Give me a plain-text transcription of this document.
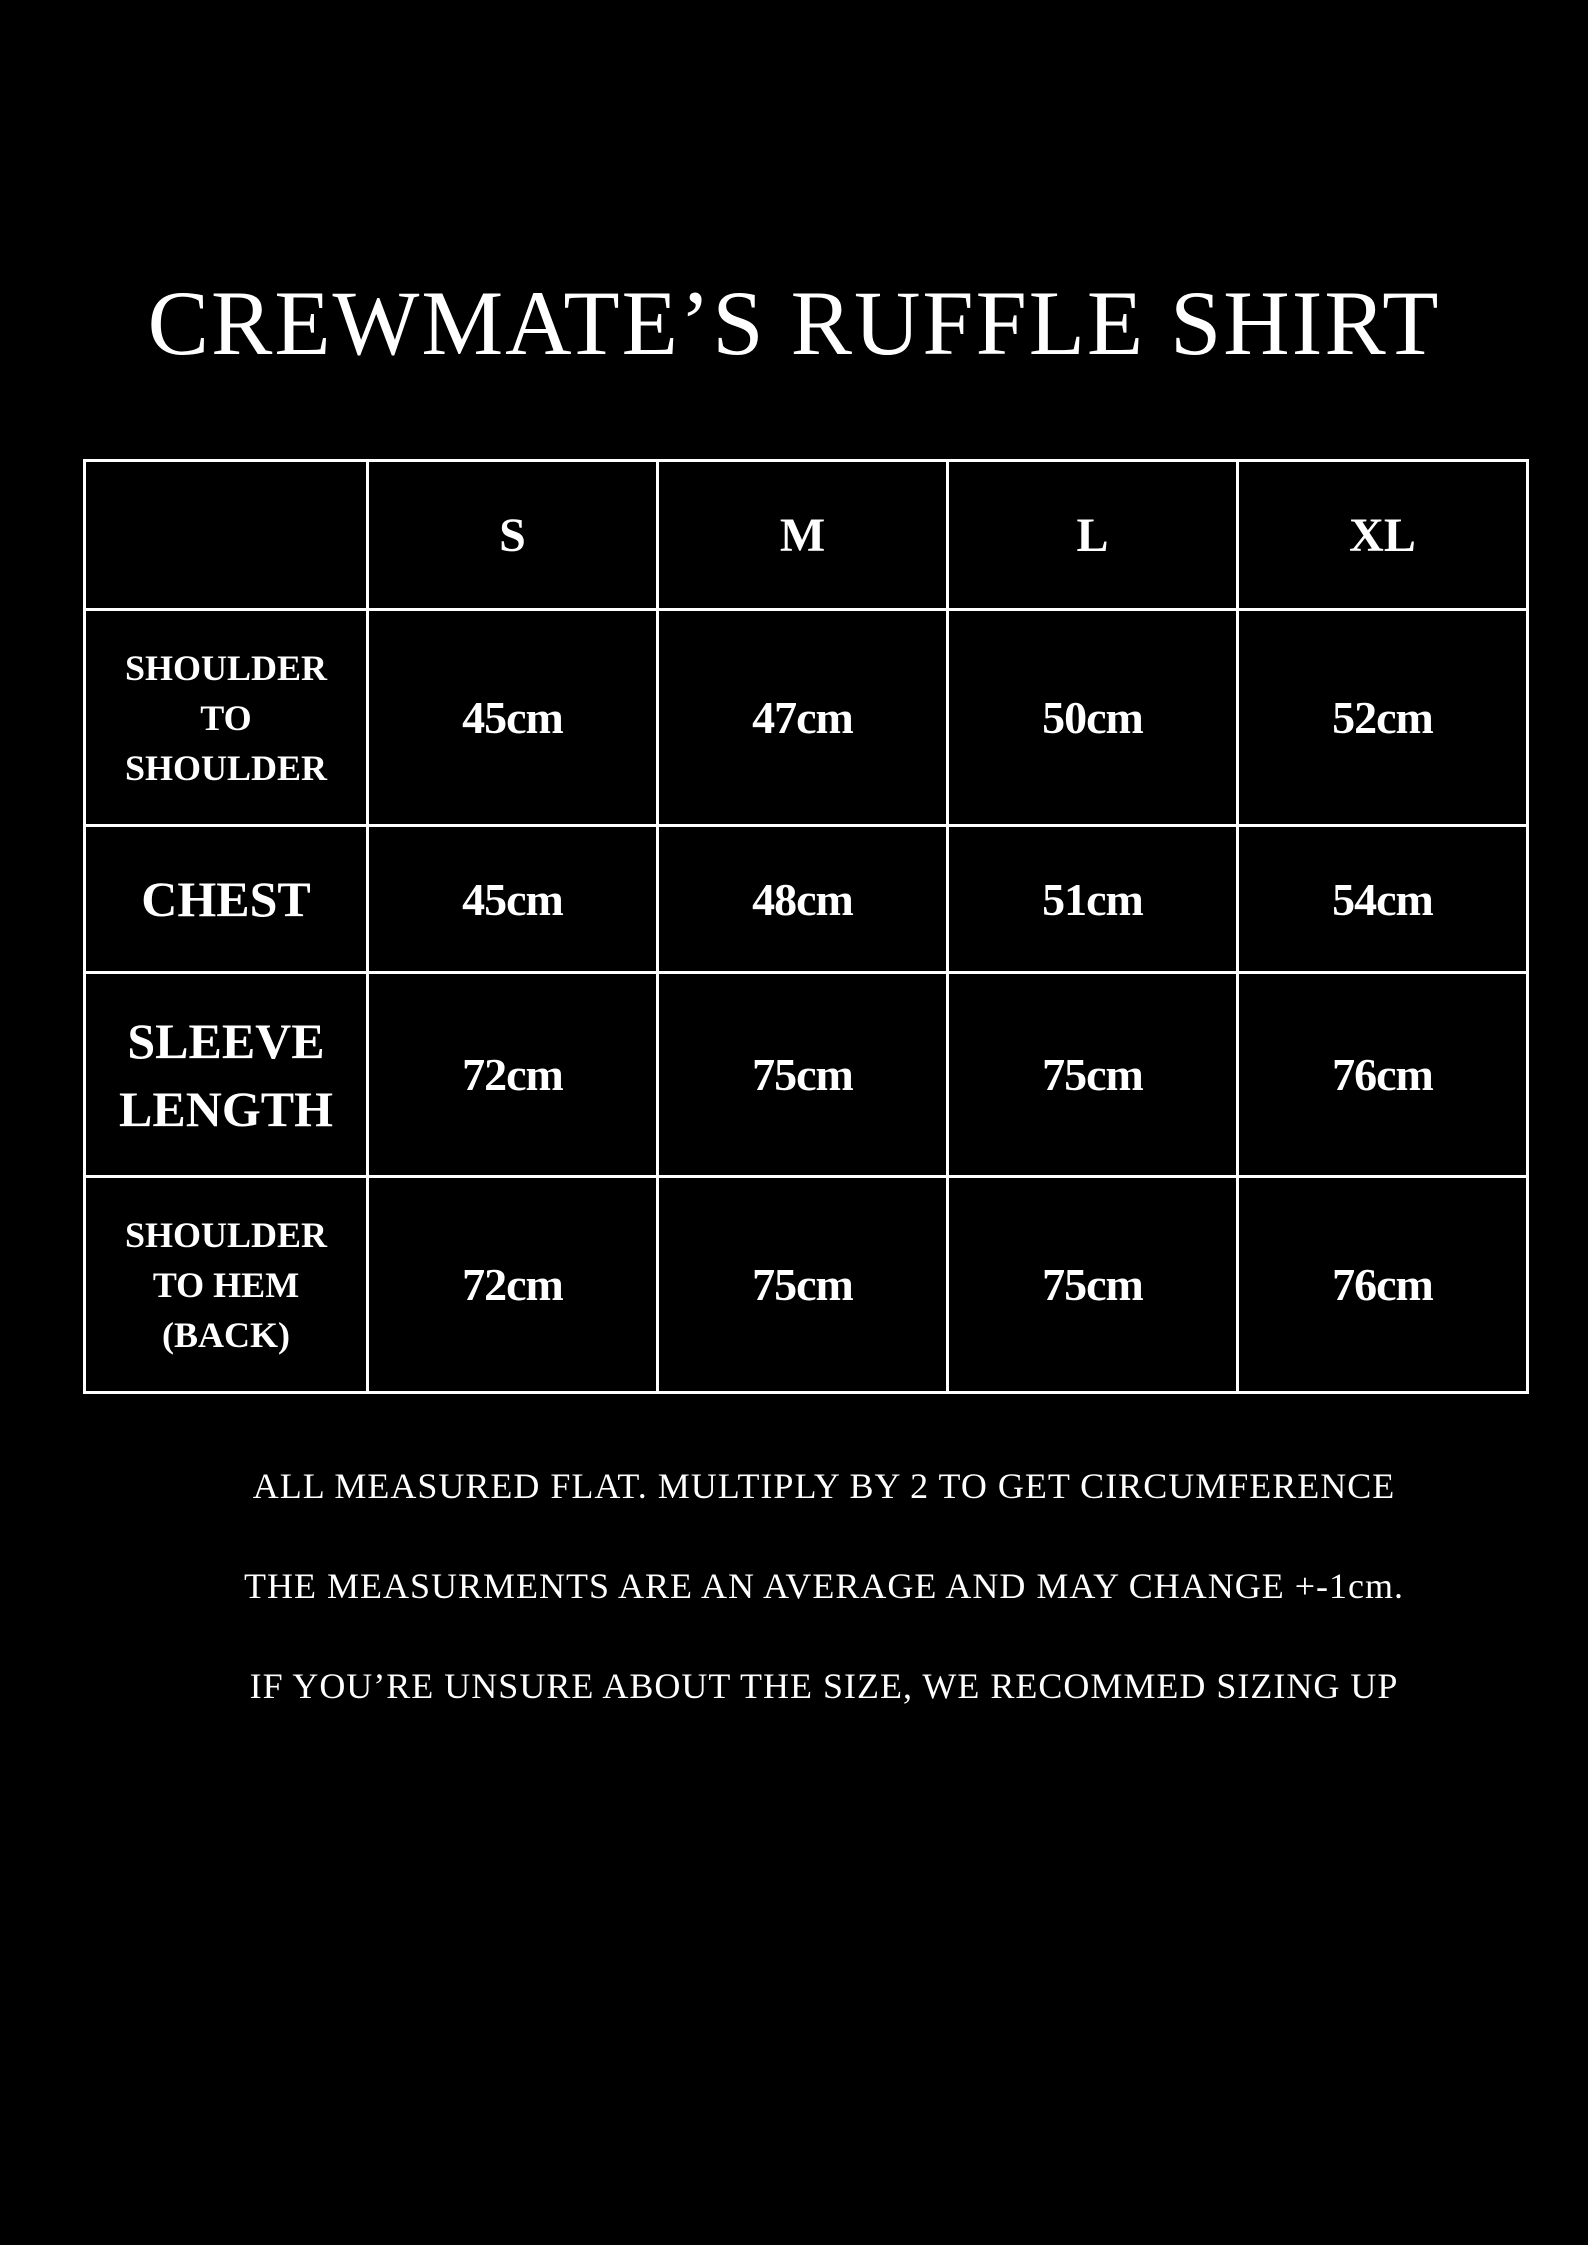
CREWMATE’S RUFFLE SHIRT
	S	M	L	XL
SHOULDER
TO
SHOULDER	45cm	47cm	50cm	52cm
CHEST	45cm	48cm	51cm	54cm
SLEEVE
LENGTH	72cm	75cm	75cm	76cm
SHOULDER
TO HEM
(BACK)	72cm	75cm	75cm	76cm
ALL MEASURED FLAT. MULTIPLY BY 2 TO GET CIRCUMFERENCE
THE MEASURMENTS ARE AN AVERAGE AND MAY CHANGE +-1cm.
IF YOU’RE UNSURE ABOUT THE SIZE, WE RECOMMED SIZING UP
